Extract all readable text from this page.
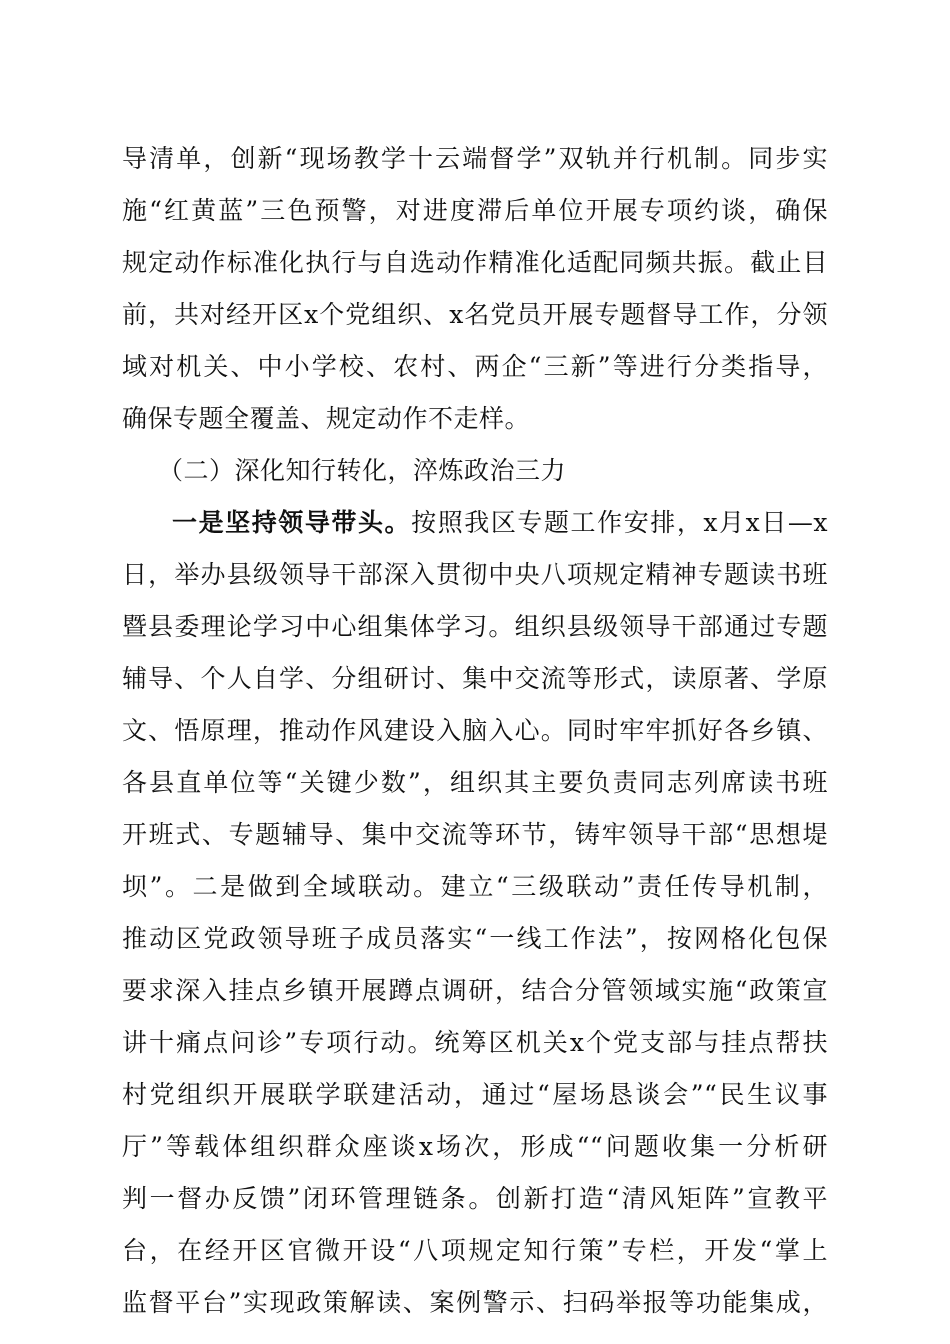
导清单，创新“现场教学十云端督学”双轨并行机制。同步实
施“红黄蓝”三色预警，对进度滞后单位开展专项约谈，确保
规定动作标准化执行与自选动作精准化适配同频共振。截止目
前，共对经开区x个党组织、x名党员开展专题督导工作，分领
域对机关、中小学校、农村、两企“三新”等进行分类指导，
确保专题全覆盖、规定动作不走样。
（二）深化知行转化，淬炼政治三力
一是坚持领导带头。按照我区专题工作安排，x月x日—x
日，举办县级领导干部深入贯彻中央八项规定精神专题读书班
暨县委理论学习中心组集体学习。组织县级领导干部通过专题
辅导、个人自学、分组研讨、集中交流等形式，读原著、学原
文、悟原理，推动作风建设入脑入心。同时牢牢抓好各乡镇、
各县直单位等“关键少数”，组织其主要负责同志列席读书班
开班式、专题辅导、集中交流等环节，铸牢领导干部“思想堤
坝”。二是做到全域联动。建立“三级联动”责任传导机制，
推动区党政领导班子成员落实“一线工作法”，按网格化包保
要求深入挂点乡镇开展蹲点调研，结合分管领域实施“政策宣
讲十痛点问诊”专项行动。统筹区机关x个党支部与挂点帮扶
村党组织开展联学联建活动，通过“屋场恳谈会”“民生议事
厅”等载体组织群众座谈x场次，形成““问题收集一分析研
判一督办反馈”闭环管理链条。创新打造“清风矩阵”宣教平
台，在经开区官微开设“八项规定知行策”专栏，开发“掌上
监督平台”实现政策解读、案例警示、扫码举报等功能集成，
